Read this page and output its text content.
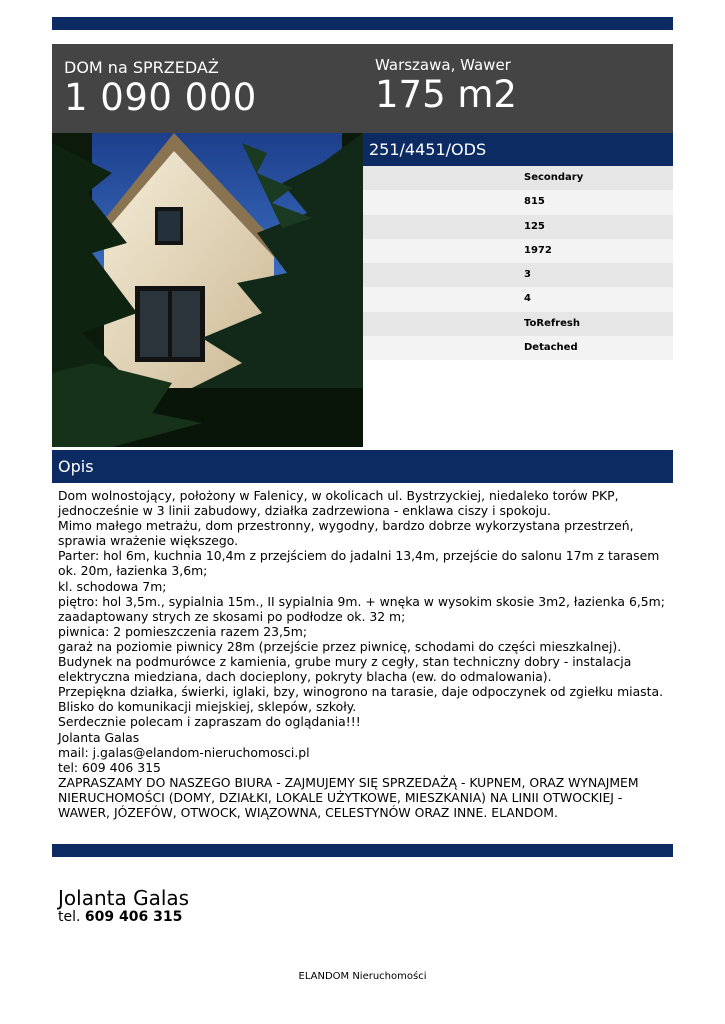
DOM na SPRZEDAŻ
1 090 000
Warszawa, Wawer
175 m2
251/4451/ODS
Secondary
815
125
1972
3
4
ToRefresh
Detached
Opis
Dom wolnostojący, położony w Falenicy, w okolicach ul. Bystrzyckiej, niedaleko torów PKP,
jednocześnie w 3 linii zabudowy, działka zadrzewiona - enklawa ciszy i spokoju.
Mimo małego metrażu, dom przestronny, wygodny, bardzo dobrze wykorzystana przestrzeń,
sprawia wrażenie większego.
Parter: hol 6m, kuchnia 10,4m z przejściem do jadalni 13,4m, przejście do salonu 17m z tarasem
ok. 20m, łazienka 3,6m;
kl. schodowa 7m;
piętro: hol 3,5m., sypialnia 15m., II sypialnia 9m. + wnęka w wysokim skosie 3m2, łazienka 6,5m;
zaadaptowany strych ze skosami po podłodze ok. 32 m;
piwnica: 2 pomieszczenia razem 23,5m;
garaż na poziomie piwnicy 28m (przejście przez piwnicę, schodami do części mieszkalnej).
Budynek na podmurówce z kamienia, grube mury z cegły, stan techniczny dobry - instalacja
elektryczna miedziana, dach docieplony, pokryty blacha (ew. do odmalowania).
Przepiękna działka, świerki, iglaki, bzy, winogrono na tarasie, daje odpoczynek od zgiełku miasta.
Blisko do komunikacji miejskiej, sklepów, szkoły.
Serdecznie polecam i zapraszam do oglądania!!!
Jolanta Galas
mail: j.galas@elandom-nieruchomosci.pl
tel: 609 406 315
ZAPRASZAMY DO NASZEGO BIURA - ZAJMUJEMY SIĘ SPRZEDAŻĄ - KUPNEM, ORAZ WYNAJMEM
NIERUCHOMOŚCI (DOMY, DZIAŁKI, LOKALE UŻYTKOWE, MIESZKANIA) NA LINII OTWOCKIEJ -
WAWER, JÓZEFÓW, OTWOCK, WIĄZOWNA, CELESTYNÓW ORAZ INNE. ELANDOM.
Jolanta Galas
tel. 609 406 315
ELANDOM Nieruchomości
